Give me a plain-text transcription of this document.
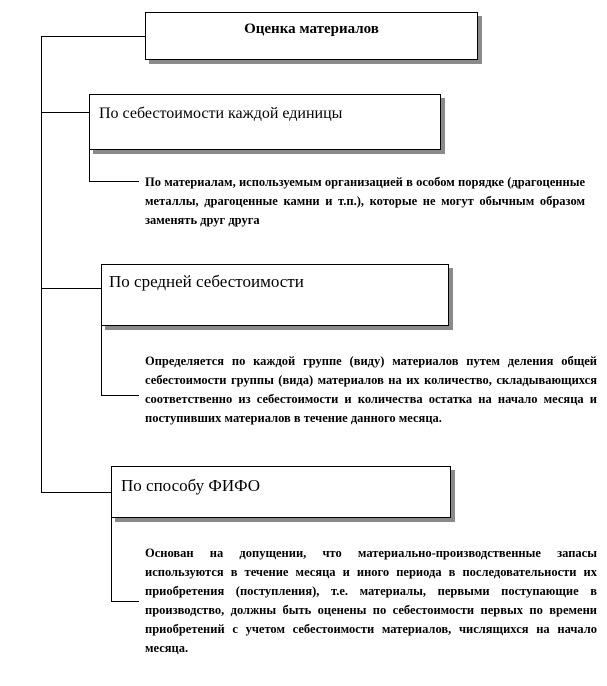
Оценка материалов
По себестоимости каждой единицы
По материалам, используемым организацией в особом порядке (драгоценные металлы, драгоценные камни и т.п.), которые не могут обычным образом заменять друг друга
По средней себестоимости
Определяется по каждой группе (виду) материалов путем деления общей себестоимости группы (вида) материалов на их количество, складывающихся соответственно из себестоимости и количества остатка на начало месяца и поступивших материалов в течение данного месяца.
По способу ФИФО
Основан на допущении, что материально-производственные запасы используются в течение месяца и иного периода в последовательности их приобретения (поступления), т.е. материалы, первыми поступающие в производство, должны быть оценены по себестоимости первых по времени приобретений с учетом себестоимости материалов, числящихся на начало месяца.
